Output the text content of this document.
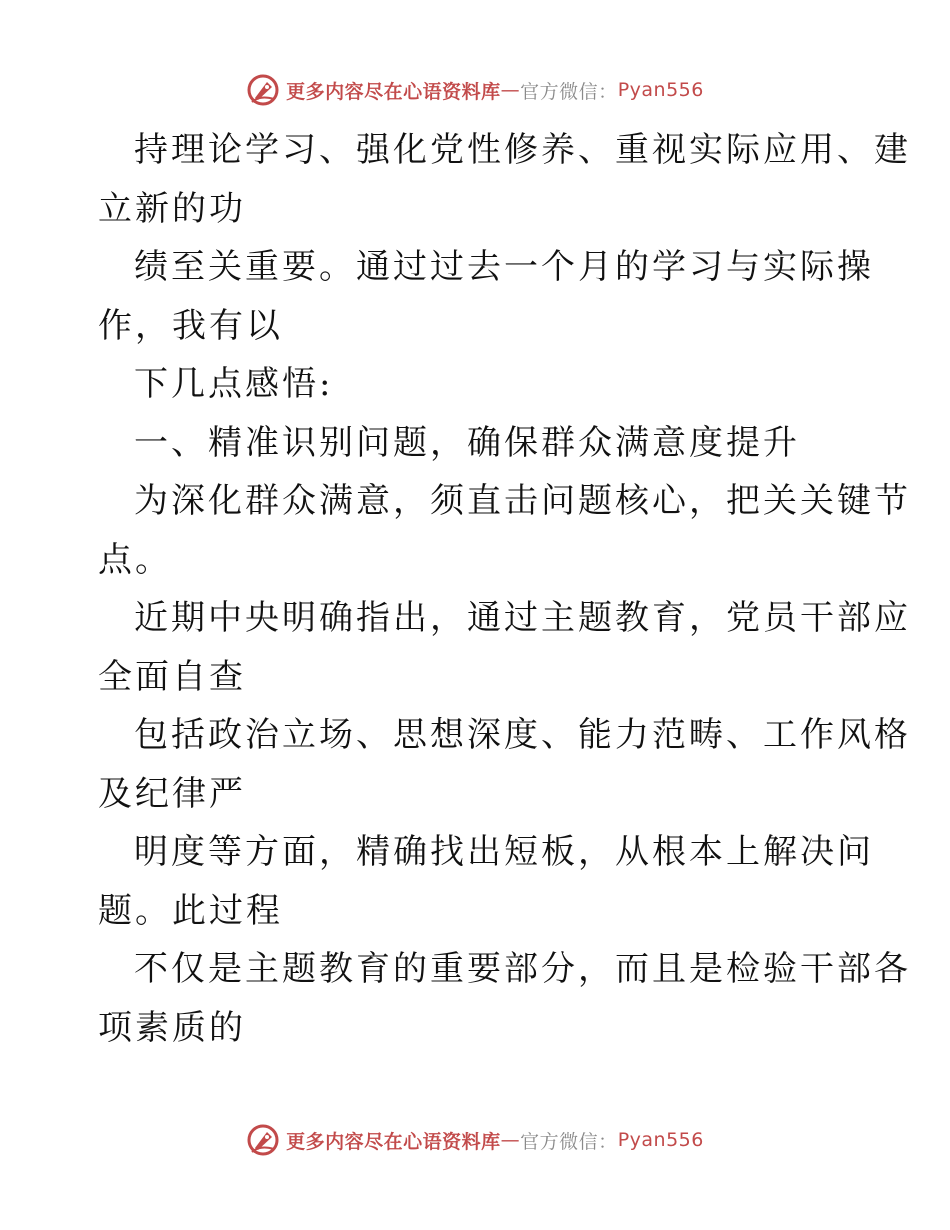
更多内容尽在心语资料库 — 官方微信： Pyan556
持理论学习、强化党性修养、重视实际应用、建
立新的功
绩至关重要。通过过去一个月的学习与实际操
作，我有以
下几点感悟:
一、精准识别问题，确保群众满意度提升
为深化群众满意，须直击问题核心，把关关键节
点。
近期中央明确指出，通过主题教育，党员干部应
全面自查
包括政治立场、思想深度、能力范畴、工作风格
及纪律严
明度等方面，精确找出短板，从根本上解决问
题。此过程
不仅是主题教育的重要部分，而且是检验干部各
项素质的
更多内容尽在心语资料库 — 官方微信： Pyan556
